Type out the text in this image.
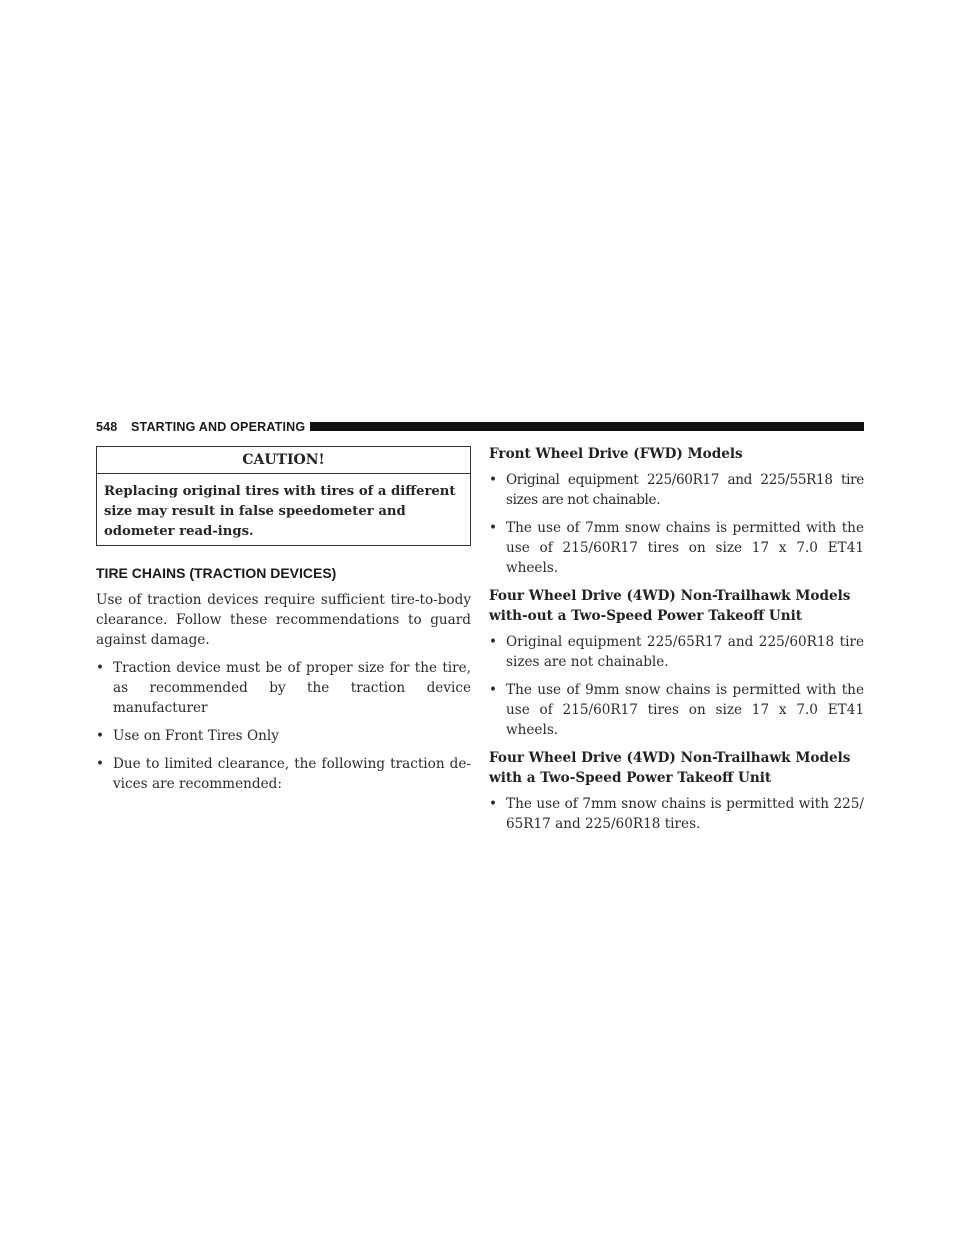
548 STARTING AND OPERATING
CAUTION!
Replacing original tires with tires of a different size may result in false speedometer and odometer read-ings.
TIRE CHAINS (TRACTION DEVICES)

Use of traction devices require sufficient tire-to-body clearance. Follow these recommendations to guard against damage.

• Traction device must be of proper size for the tire, as recommended by the traction device manufacturer
• Use on Front Tires Only
• Due to limited clearance, the following traction de-vices are recommended:

Front Wheel Drive (FWD) Models

• Original equipment 225/60R17 and 225/55R18 tire sizes are not chainable.
• The use of 7mm snow chains is permitted with the use of 215/60R17 tires on size 17 x 7.0 ET41 wheels.

Four Wheel Drive (4WD) Non-Trailhawk Models with-out a Two-Speed Power Takeoff Unit

• Original equipment 225/65R17 and 225/60R18 tire sizes are not chainable.
• The use of 9mm snow chains is permitted with the use of 215/60R17 tires on size 17 x 7.0 ET41 wheels.

Four Wheel Drive (4WD) Non-Trailhawk Models with a Two-Speed Power Takeoff Unit

• The use of 7mm snow chains is permitted with 225/ 65R17 and 225/60R18 tires.
